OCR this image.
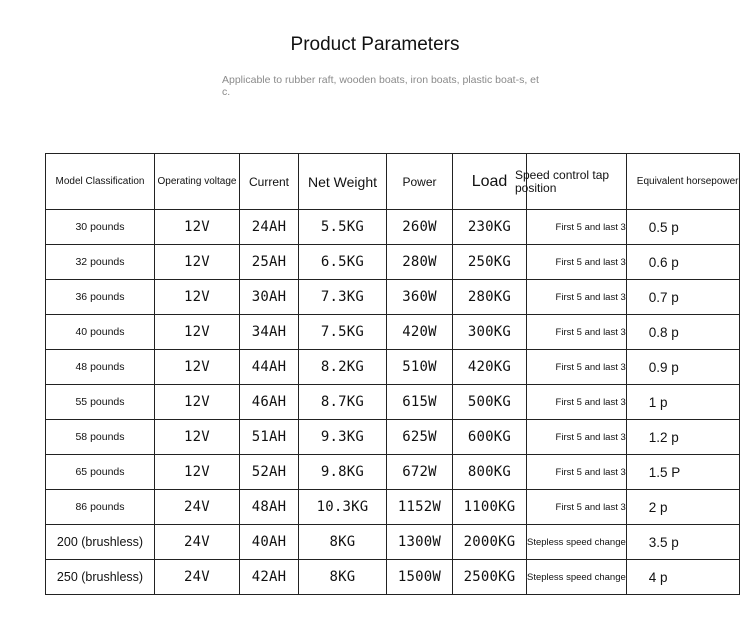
Product Parameters
Applicable to rubber raft, wooden boats, iron boats, plastic boat-s, etc.
Model Classification	Operating voltage	Current	Net Weight	Power	Load	Speed control tap position	Equivalent horsepower
30 pounds	12V	24AH	5.5KG	260W	230KG	First 5 and last 3	0.5 p
32 pounds	12V	25AH	6.5KG	280W	250KG	First 5 and last 3	0.6 p
36 pounds	12V	30AH	7.3KG	360W	280KG	First 5 and last 3	0.7 p
40 pounds	12V	34AH	7.5KG	420W	300KG	First 5 and last 3	0.8 p
48 pounds	12V	44AH	8.2KG	510W	420KG	First 5 and last 3	0.9 p
55 pounds	12V	46AH	8.7KG	615W	500KG	First 5 and last 3	1 p
58 pounds	12V	51AH	9.3KG	625W	600KG	First 5 and last 3	1.2 p
65 pounds	12V	52AH	9.8KG	672W	800KG	First 5 and last 3	1.5 P
86 pounds	24V	48AH	10.3KG	1152W	1100KG	First 5 and last 3	2 p
200 (brushless)	24V	40AH	8KG	1300W	2000KG	Stepless speed change	3.5 p
250 (brushless)	24V	42AH	8KG	1500W	2500KG	Stepless speed change	4 p
